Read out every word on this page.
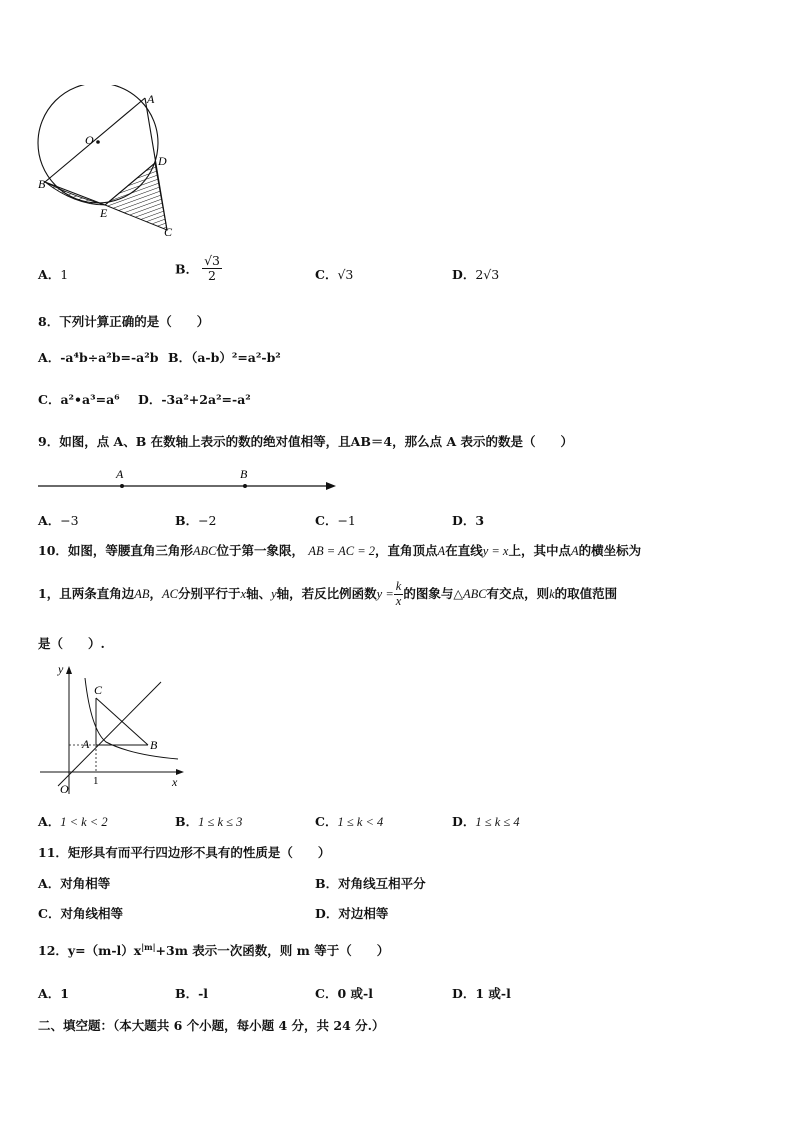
A
O
D
B
E
C
A．1	B． $\frac{√3}{2}$	C．√3	D．2√3
8．下列计算正确的是（　　）
A．-a⁴b÷a²b=-a²b B．（a-b）²=a²-b²
C．a²•a³=a⁶ D．-3a²+2a²=-a²
9．如图，点 A、B 在数轴上表示的数的绝对值相等，且AB＝4，那么点 A 表示的数是（　　）
A	B
A．−3	B．−2	C．−1	D．3
10．如图，等腰直角三角形ABC位于第一象限， AB = AC = 2，直角顶点A在直线y = x上，其中点A的横坐标为
1，且两条直角边AB，AC分别平行于x轴、y轴，若反比例函数$y = \frac{k}{x}$ 的图象与△ABC有交点，则k的取值范围
是（　　）.
y
x
C
A	B
O
1
A．1 < k < 2	B．1 ≤ k ≤ 3	C．1 ≤ k < 4	D．1 ≤ k ≤ 4
11．矩形具有而平行四边形不具有的性质是（　　）
A．对角相等	B．对角线互相平分
C．对角线相等	D．对边相等
12．$y=(m-l)x^{|m|}+3m$ 表示一次函数，则 m 等于（　　）
A．1	B．-l	C．0 或-l	D．1 或-l
二、填空题：（本大题共 6 个小题，每小题 4 分，共 24 分.）
